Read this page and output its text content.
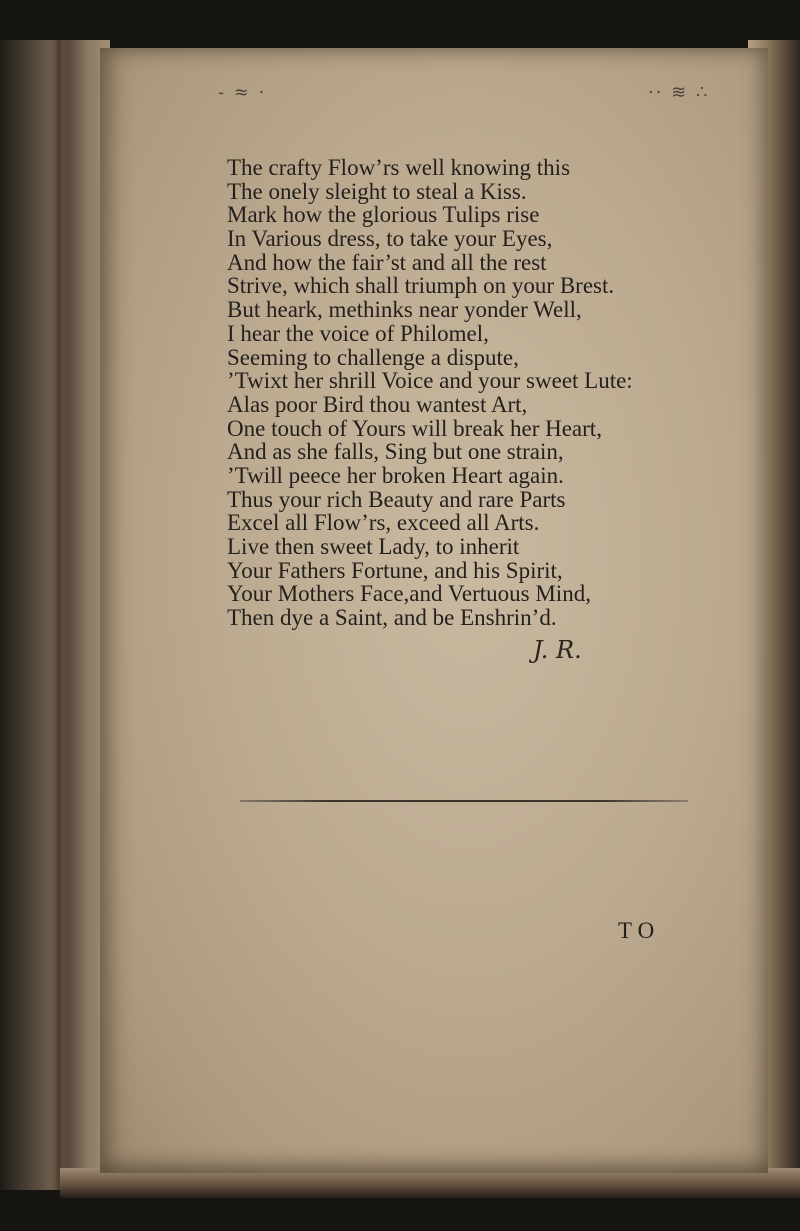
- ≈ ·	·· ≋ ∴
The crafty Flow’rs well knowing this
The onely sleight to steal a Kiss.
Mark how the glorious Tulips rise
In Various dress, to take your Eyes,
And how the fair’st and all the rest
Strive, which shall triumph on your Brest.
But heark, methinks near yonder Well,
I hear the voice of Philomel,
Seeming to challenge a dispute,
’Twixt her shrill Voice and your sweet Lute:
Alas poor Bird thou wantest Art,
One touch of Yours will break her Heart,
And as she falls, Sing but one strain,
’Twill peece her broken Heart again.
Thus your rich Beauty and rare Parts
Excel all Flow’rs, exceed all Arts.
Live then sweet Lady, to inherit
Your Fathers Fortune, and his Spirit,
Your Mothers Face,and Vertuous Mind,
Then dye a Saint, and be Enshrin’d.
J. R.
TO
